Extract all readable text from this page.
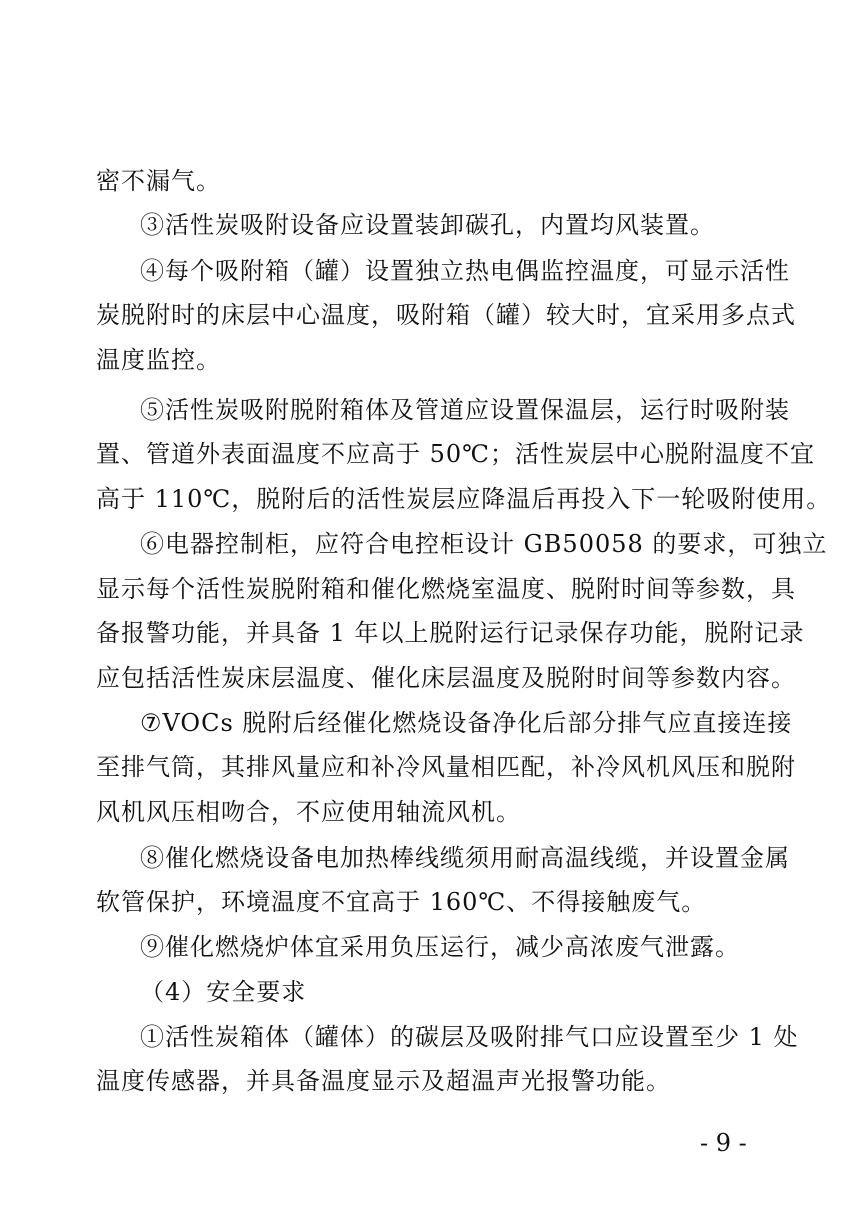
密不漏气。
③活性炭吸附设备应设置装卸碳孔，内置均风装置。
④每个吸附箱（罐）设置独立热电偶监控温度，可显示活性
炭脱附时的床层中心温度，吸附箱（罐）较大时，宜采用多点式
温度监控。
⑤活性炭吸附脱附箱体及管道应设置保温层，运行时吸附装
置、管道外表面温度不应高于 50℃；活性炭层中心脱附温度不宜
高于 110℃，脱附后的活性炭层应降温后再投入下一轮吸附使用。
⑥电器控制柜，应符合电控柜设计 GB50058 的要求，可独立
显示每个活性炭脱附箱和催化燃烧室温度、脱附时间等参数，具
备报警功能，并具备 1 年以上脱附运行记录保存功能，脱附记录
应包括活性炭床层温度、催化床层温度及脱附时间等参数内容。
⑦VOCs 脱附后经催化燃烧设备净化后部分排气应直接连接
至排气筒，其排风量应和补冷风量相匹配，补冷风机风压和脱附
风机风压相吻合，不应使用轴流风机。
⑧催化燃烧设备电加热棒线缆须用耐高温线缆，并设置金属
软管保护，环境温度不宜高于 160℃、不得接触废气。
⑨催化燃烧炉体宜采用负压运行，减少高浓废气泄露。
（4）安全要求
①活性炭箱体（罐体）的碳层及吸附排气口应设置至少 1 处
温度传感器，并具备温度显示及超温声光报警功能。
- 9 -
